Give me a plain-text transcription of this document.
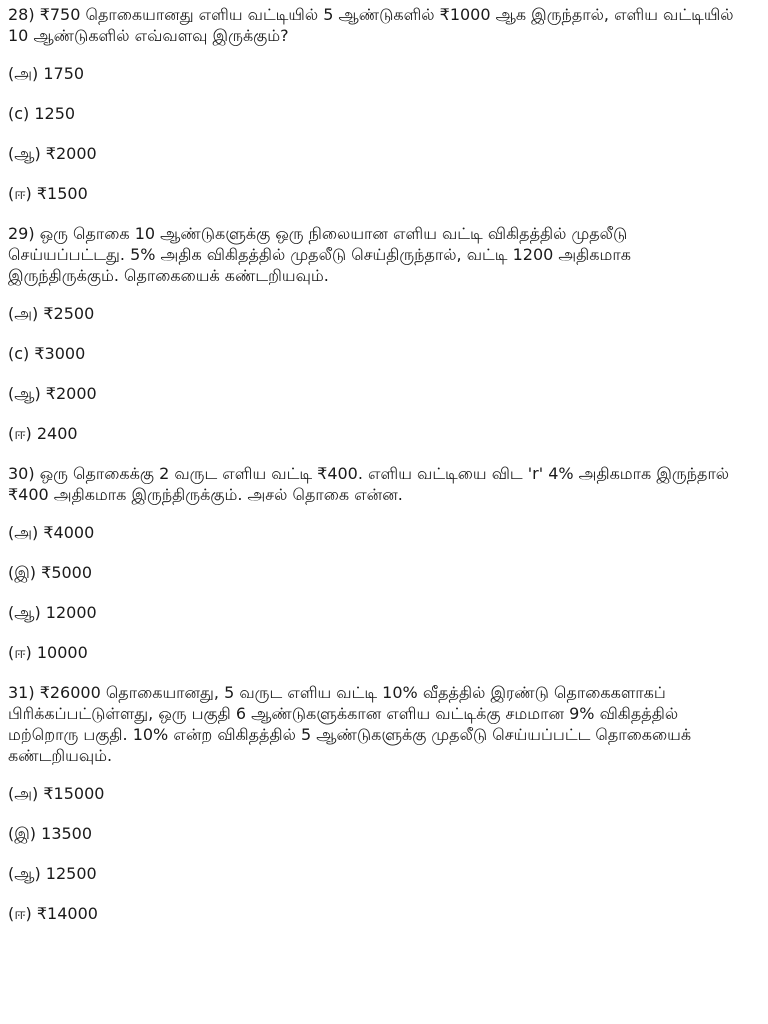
28) ₹750 தொகையானது எளிய வட்டியில் 5 ஆண்டுகளில் ₹1000 ஆக இருந்தால், எளிய வட்டியில் 10 ஆண்டுகளில் எவ்வளவு இருக்கும்?

(அ) 1750

(c) 1250

(ஆ) ₹2000

(ஈ) ₹1500

29) ஒரு தொகை 10 ஆண்டுகளுக்கு ஒரு நிலையான எளிய வட்டி விகிதத்தில் முதலீடு செய்யப்பட்டது. 5% அதிக விகிதத்தில் முதலீடு செய்திருந்தால், வட்டி 1200 அதிகமாக இருந்திருக்கும். தொகையைக் கண்டறியவும்.

(அ) ₹2500

(c) ₹3000

(ஆ) ₹2000

(ஈ) 2400

30) ஒரு தொகைக்கு 2 வருட எளிய வட்டி ₹400. எளிய வட்டியை விட 'r' 4% அதிகமாக இருந்தால் ₹400 அதிகமாக இருந்திருக்கும். அசல் தொகை என்ன.

(அ) ₹4000

(இ) ₹5000

(ஆ) 12000

(ஈ) 10000

31) ₹26000 தொகையானது, 5 வருட எளிய வட்டி 10% வீதத்தில் இரண்டு தொகைகளாகப் பிரிக்கப்பட்டுள்ளது, ஒரு பகுதி 6 ஆண்டுகளுக்கான எளிய வட்டிக்கு சமமான 9% விகிதத்தில் மற்றொரு பகுதி. 10% என்ற விகிதத்தில் 5 ஆண்டுகளுக்கு முதலீடு செய்யப்பட்ட தொகையைக் கண்டறியவும்.

(அ) ₹15000

(இ) 13500

(ஆ) 12500

(ஈ) ₹14000
